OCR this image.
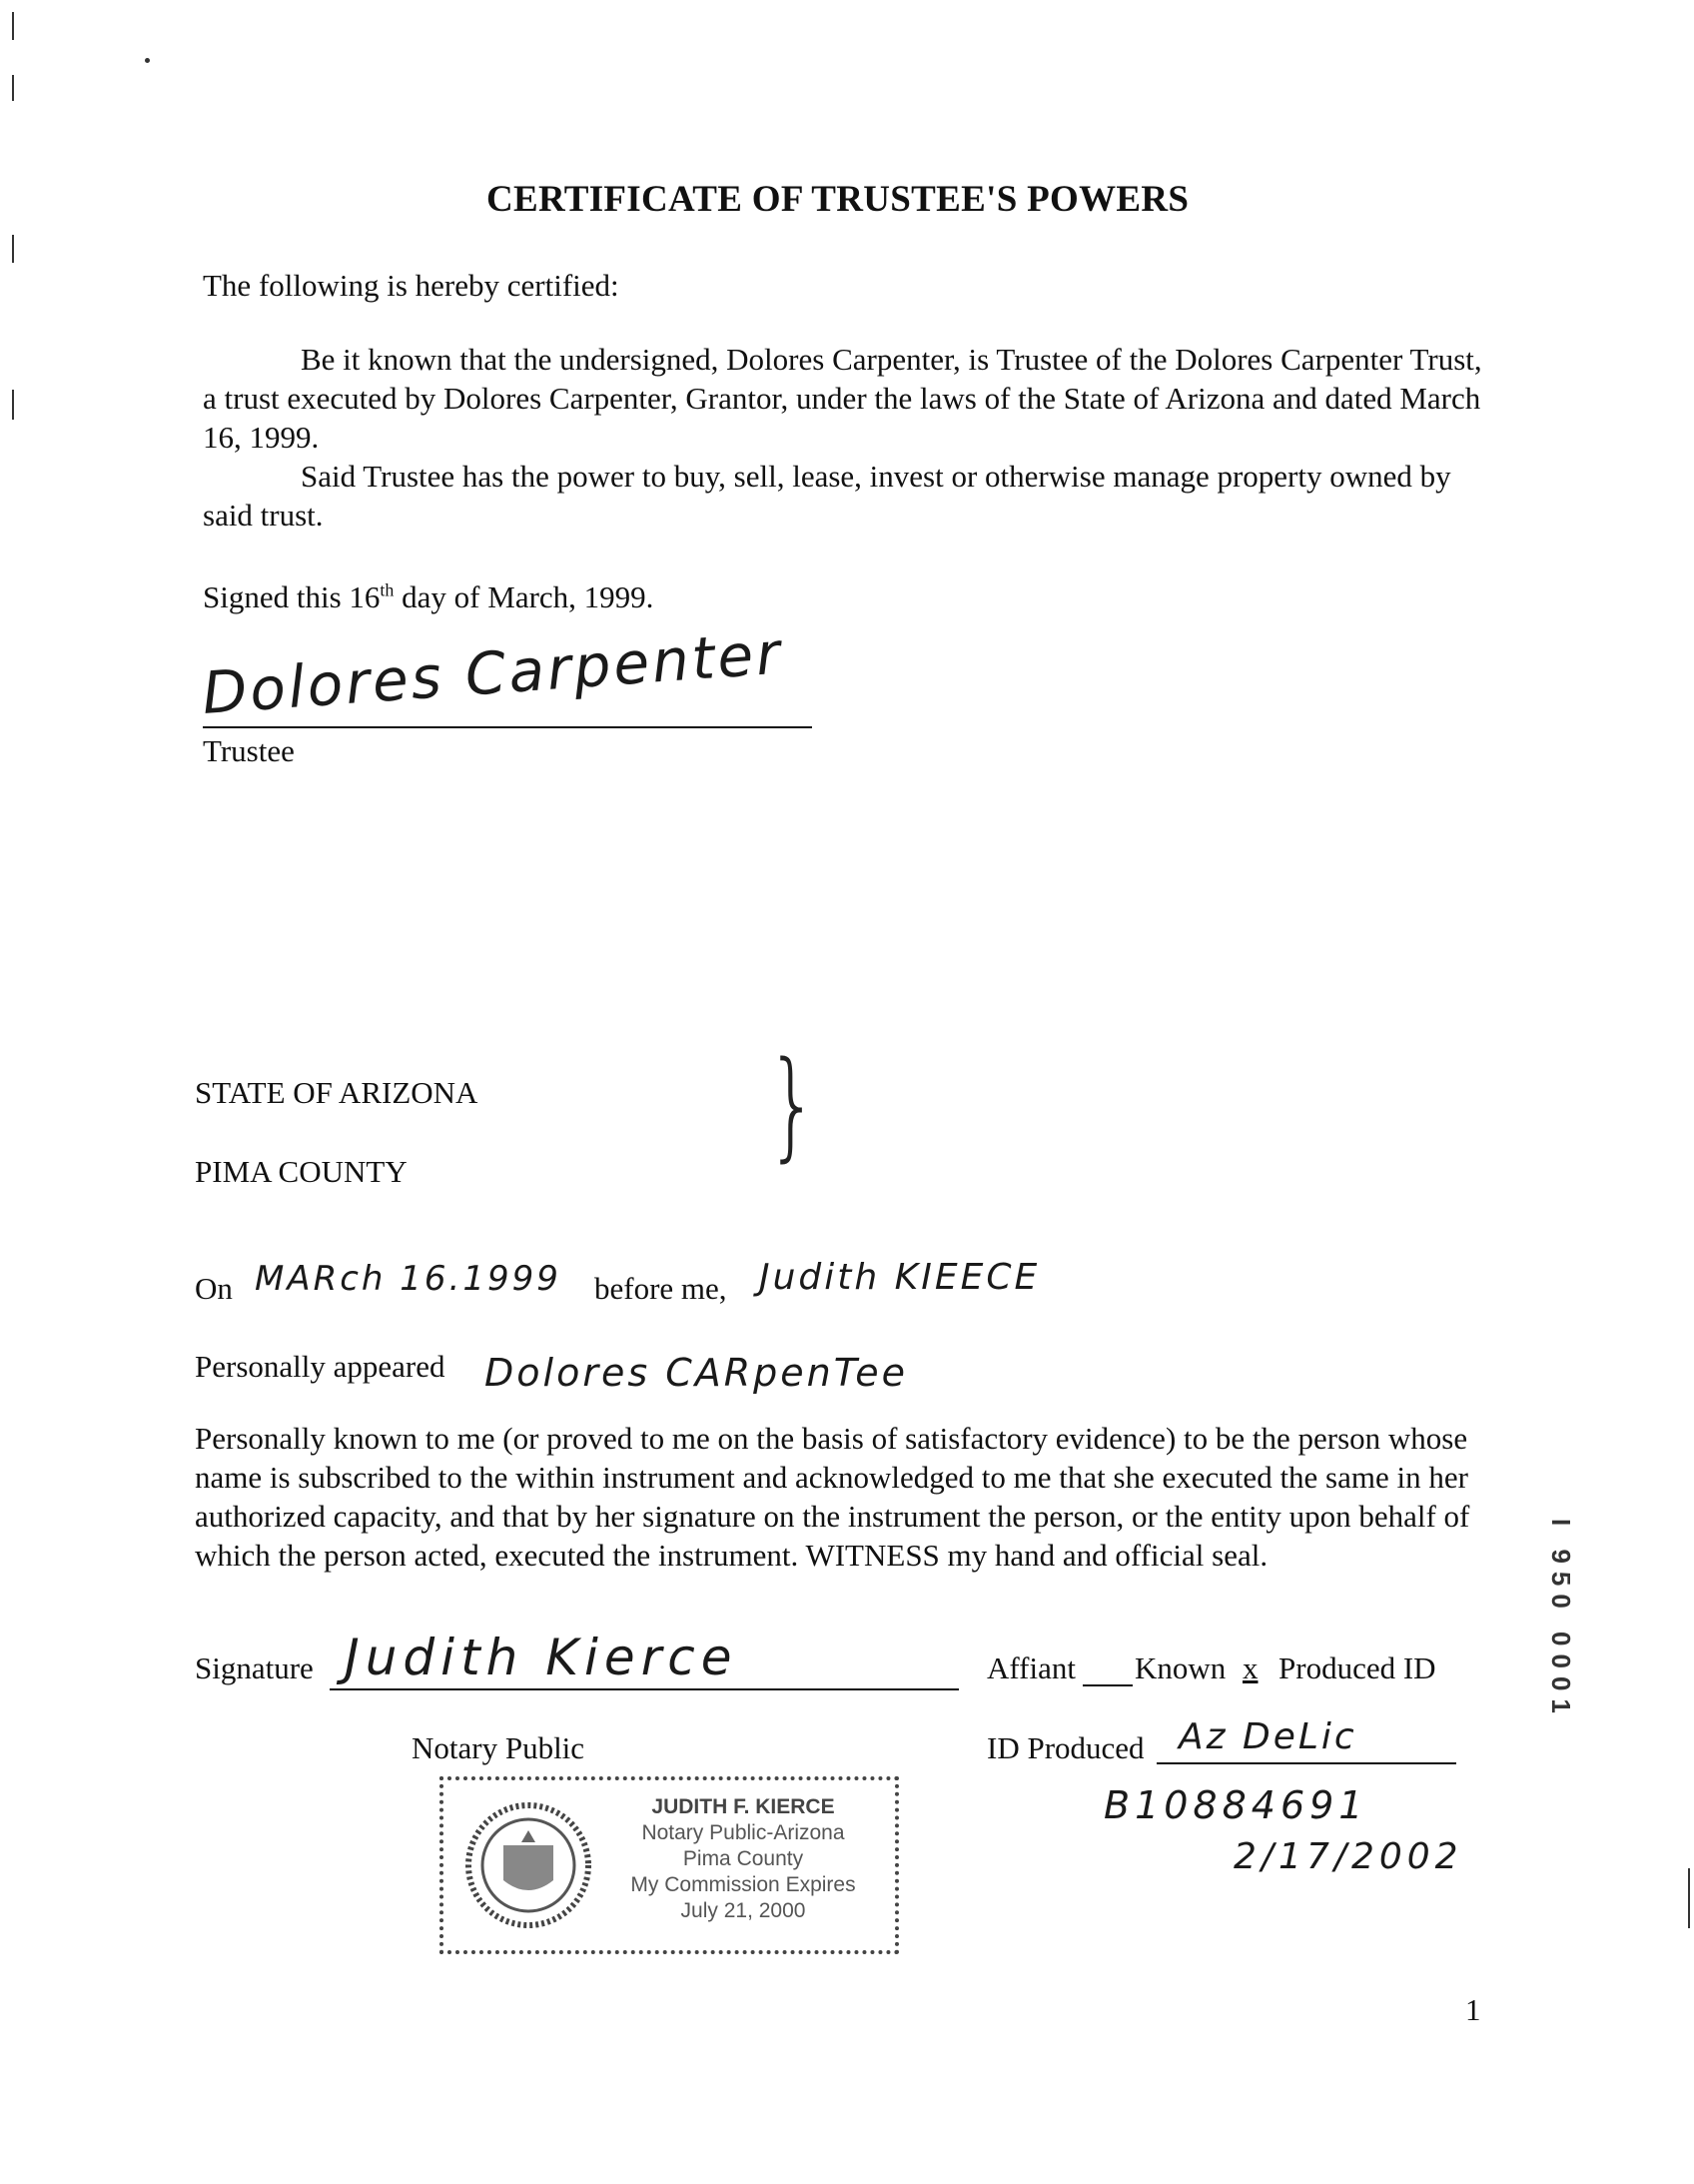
CERTIFICATE OF TRUSTEE'S POWERS
The following is hereby certified:
Be it known that the undersigned, Dolores Carpenter, is Trustee of the Dolores Carpenter Trust, a trust executed by Dolores Carpenter, Grantor, under the laws of the State of Arizona and dated March 16, 1999.
Said Trustee has the power to buy, sell, lease, invest or otherwise manage property owned by said trust.
Signed this 16th day of March, 1999.
Dolores Carpenter
Trustee
STATE OF ARIZONA
PIMA COUNTY	}
On MARch 16.1999 before me, Judith KIEECE
Personally appeared Dolores CARpenTee
Personally known to me (or proved to me on the basis of satisfactory evidence) to be the person whose name is subscribed to the within instrument and acknowledged to me that she executed the same in her authorized capacity, and that by her signature on the instrument the person, or the entity upon behalf of which the person acted, executed the instrument. WITNESS my hand and official seal.
Signature Judith Kierce
Notary Public
Affiant Known x Produced ID
ID Produced Az DeLic
B10884691
2/17/2002
JUDITH F. KIERCE
Notary Public-Arizona
Pima County
My Commission Expires
July 21, 2000
I 950 0001
1
